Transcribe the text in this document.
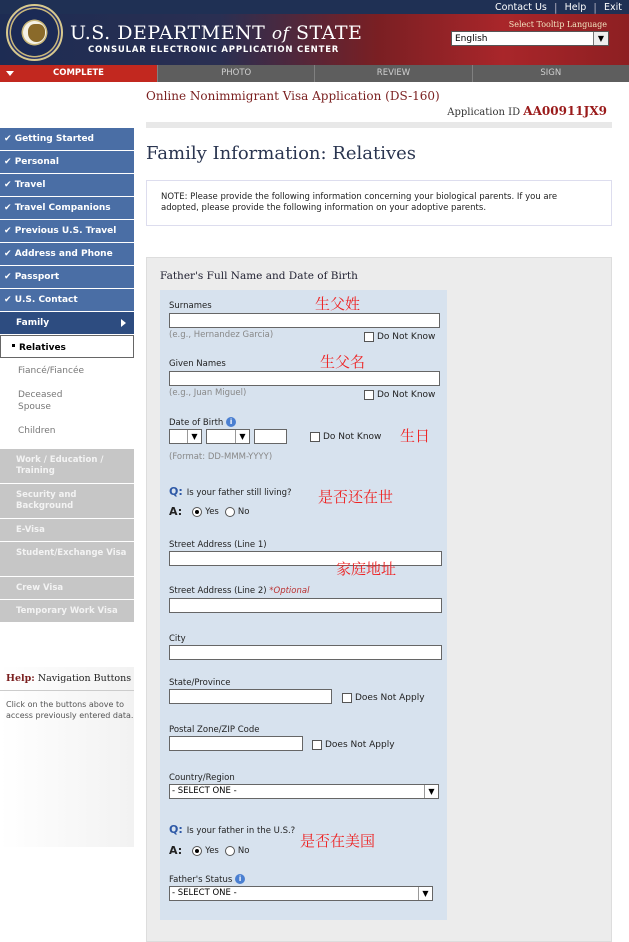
Contact Us | Help | Exit
U.S. DEPARTMENT of STATE
CONSULAR ELECTRONIC APPLICATION CENTER
Select Tooltip Language
English	▼
COMPLETE	PHOTO	REVIEW	SIGN
Online Nonimmigrant Visa Application (DS-160)
Application ID AA00911JX9
✔ Getting Started
✔ Personal
✔ Travel
✔ Travel Companions
✔ Previous U.S. Travel
✔ Address and Phone
✔ Passport
✔ U.S. Contact
Family
Relatives
Fiancé/Fiancée
Deceased Spouse
Children
Work / Education / Training
Security and Background
E-Visa
Student/Exchange Visa
Crew Visa
Temporary Work Visa
Help: Navigation Buttons
Click on the buttons above to access previously entered data.
Family Information: Relatives
NOTE: Please provide the following information concerning your biological parents. If you are adopted, please provide the following information on your adoptive parents.
Father's Full Name and Date of Birth
Surnames
(e.g., Hernandez Garcia)	Do Not Know
Given Names
(e.g., Juan Miguel)	Do Not Know
Date of Birth i
▼	▼	Do Not Know
(Format: DD-MMM-YYYY)
Q: Is your father still living?
A:	Yes No
Street Address (Line 1)
Street Address (Line 2) *Optional
City
State/Province
Does Not Apply
Postal Zone/ZIP Code
Does Not Apply
Country/Region
- SELECT ONE -	▼
Q: Is your father in the U.S.?
A:	Yes No
Father's Status i
- SELECT ONE -	▼
生父姓
生父名
生日
是否还在世
家庭地址
是否在美国
